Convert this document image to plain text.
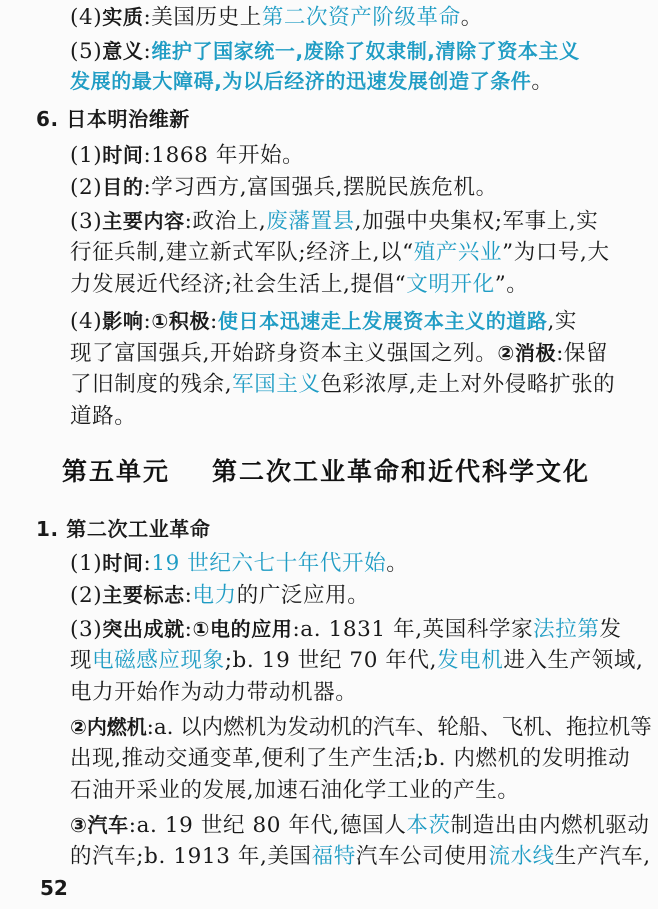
(4)实质:美国历史上第二次资产阶级革命。
(5)意义:维护了国家统一,废除了奴隶制,清除了资本主义
发展的最大障碍,为以后经济的迅速发展创造了条件。
6. 日本明治维新
(1)时间:1868 年开始。
(2)目的:学习西方,富国强兵,摆脱民族危机。
(3)主要内容:政治上,废藩置县,加强中央集权;军事上,实
行征兵制,建立新式军队;经济上,以“殖产兴业”为口号,大
力发展近代经济;社会生活上,提倡“文明开化”。
(4)影响:①积极:使日本迅速走上发展资本主义的道路,实
现了富国强兵,开始跻身资本主义强国之列。②消极:保留
了旧制度的残余,军国主义色彩浓厚,走上对外侵略扩张的
道路。
第五单元 第二次工业革命和近代科学文化
1. 第二次工业革命
(1)时间:19 世纪六七十年代开始。
(2)主要标志:电力的广泛应用。
(3)突出成就:①电的应用:a. 1831 年,英国科学家法拉第发
现电磁感应现象;b. 19 世纪 70 年代,发电机进入生产领域,
电力开始作为动力带动机器。
②内燃机:a. 以内燃机为发动机的汽车、轮船、飞机、拖拉机等
出现,推动交通变革,便利了生产生活;b. 内燃机的发明推动
石油开采业的发展,加速石油化学工业的产生。
③汽车:a. 19 世纪 80 年代,德国人本茨制造出由内燃机驱动
的汽车;b. 1913 年,美国福特汽车公司使用流水线生产汽车,
52
